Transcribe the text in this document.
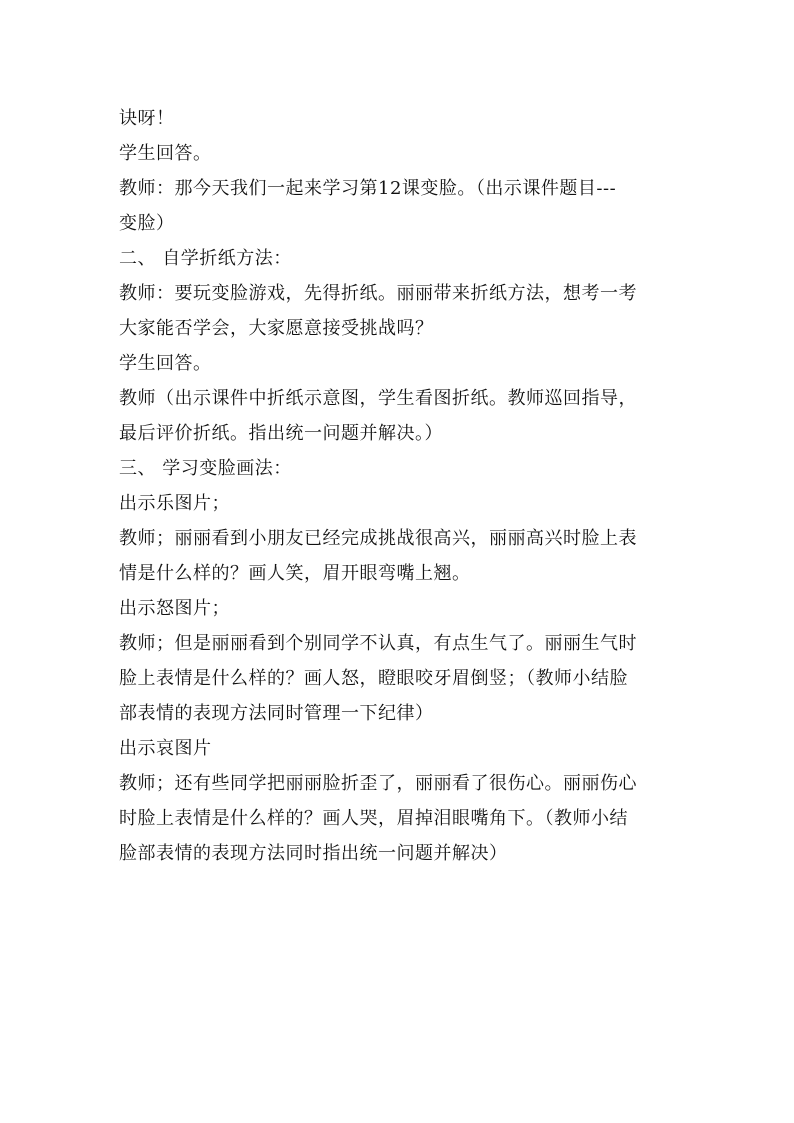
诀呀！
学生回答。
教师：那今天我们一起来学习第12课变脸。（出示课件题目---
变脸）
二、 自学折纸方法：
教师：要玩变脸游戏，先得折纸。丽丽带来折纸方法，想考一考
大家能否学会，大家愿意接受挑战吗？
学生回答。
教师（出示课件中折纸示意图，学生看图折纸。教师巡回指导，
最后评价折纸。指出统一问题并解决。）
三、 学习变脸画法：
出示乐图片；
教师；丽丽看到小朋友已经完成挑战很高兴，丽丽高兴时脸上表
情是什么样的？画人笑，眉开眼弯嘴上翘。
出示怒图片；
教师；但是丽丽看到个别同学不认真，有点生气了。丽丽生气时
脸上表情是什么样的？画人怒，瞪眼咬牙眉倒竖；（教师小结脸
部表情的表现方法同时管理一下纪律）
出示哀图片
教师；还有些同学把丽丽脸折歪了，丽丽看了很伤心。丽丽伤心
时脸上表情是什么样的？画人哭，眉掉泪眼嘴角下。（教师小结
脸部表情的表现方法同时指出统一问题并解决）
